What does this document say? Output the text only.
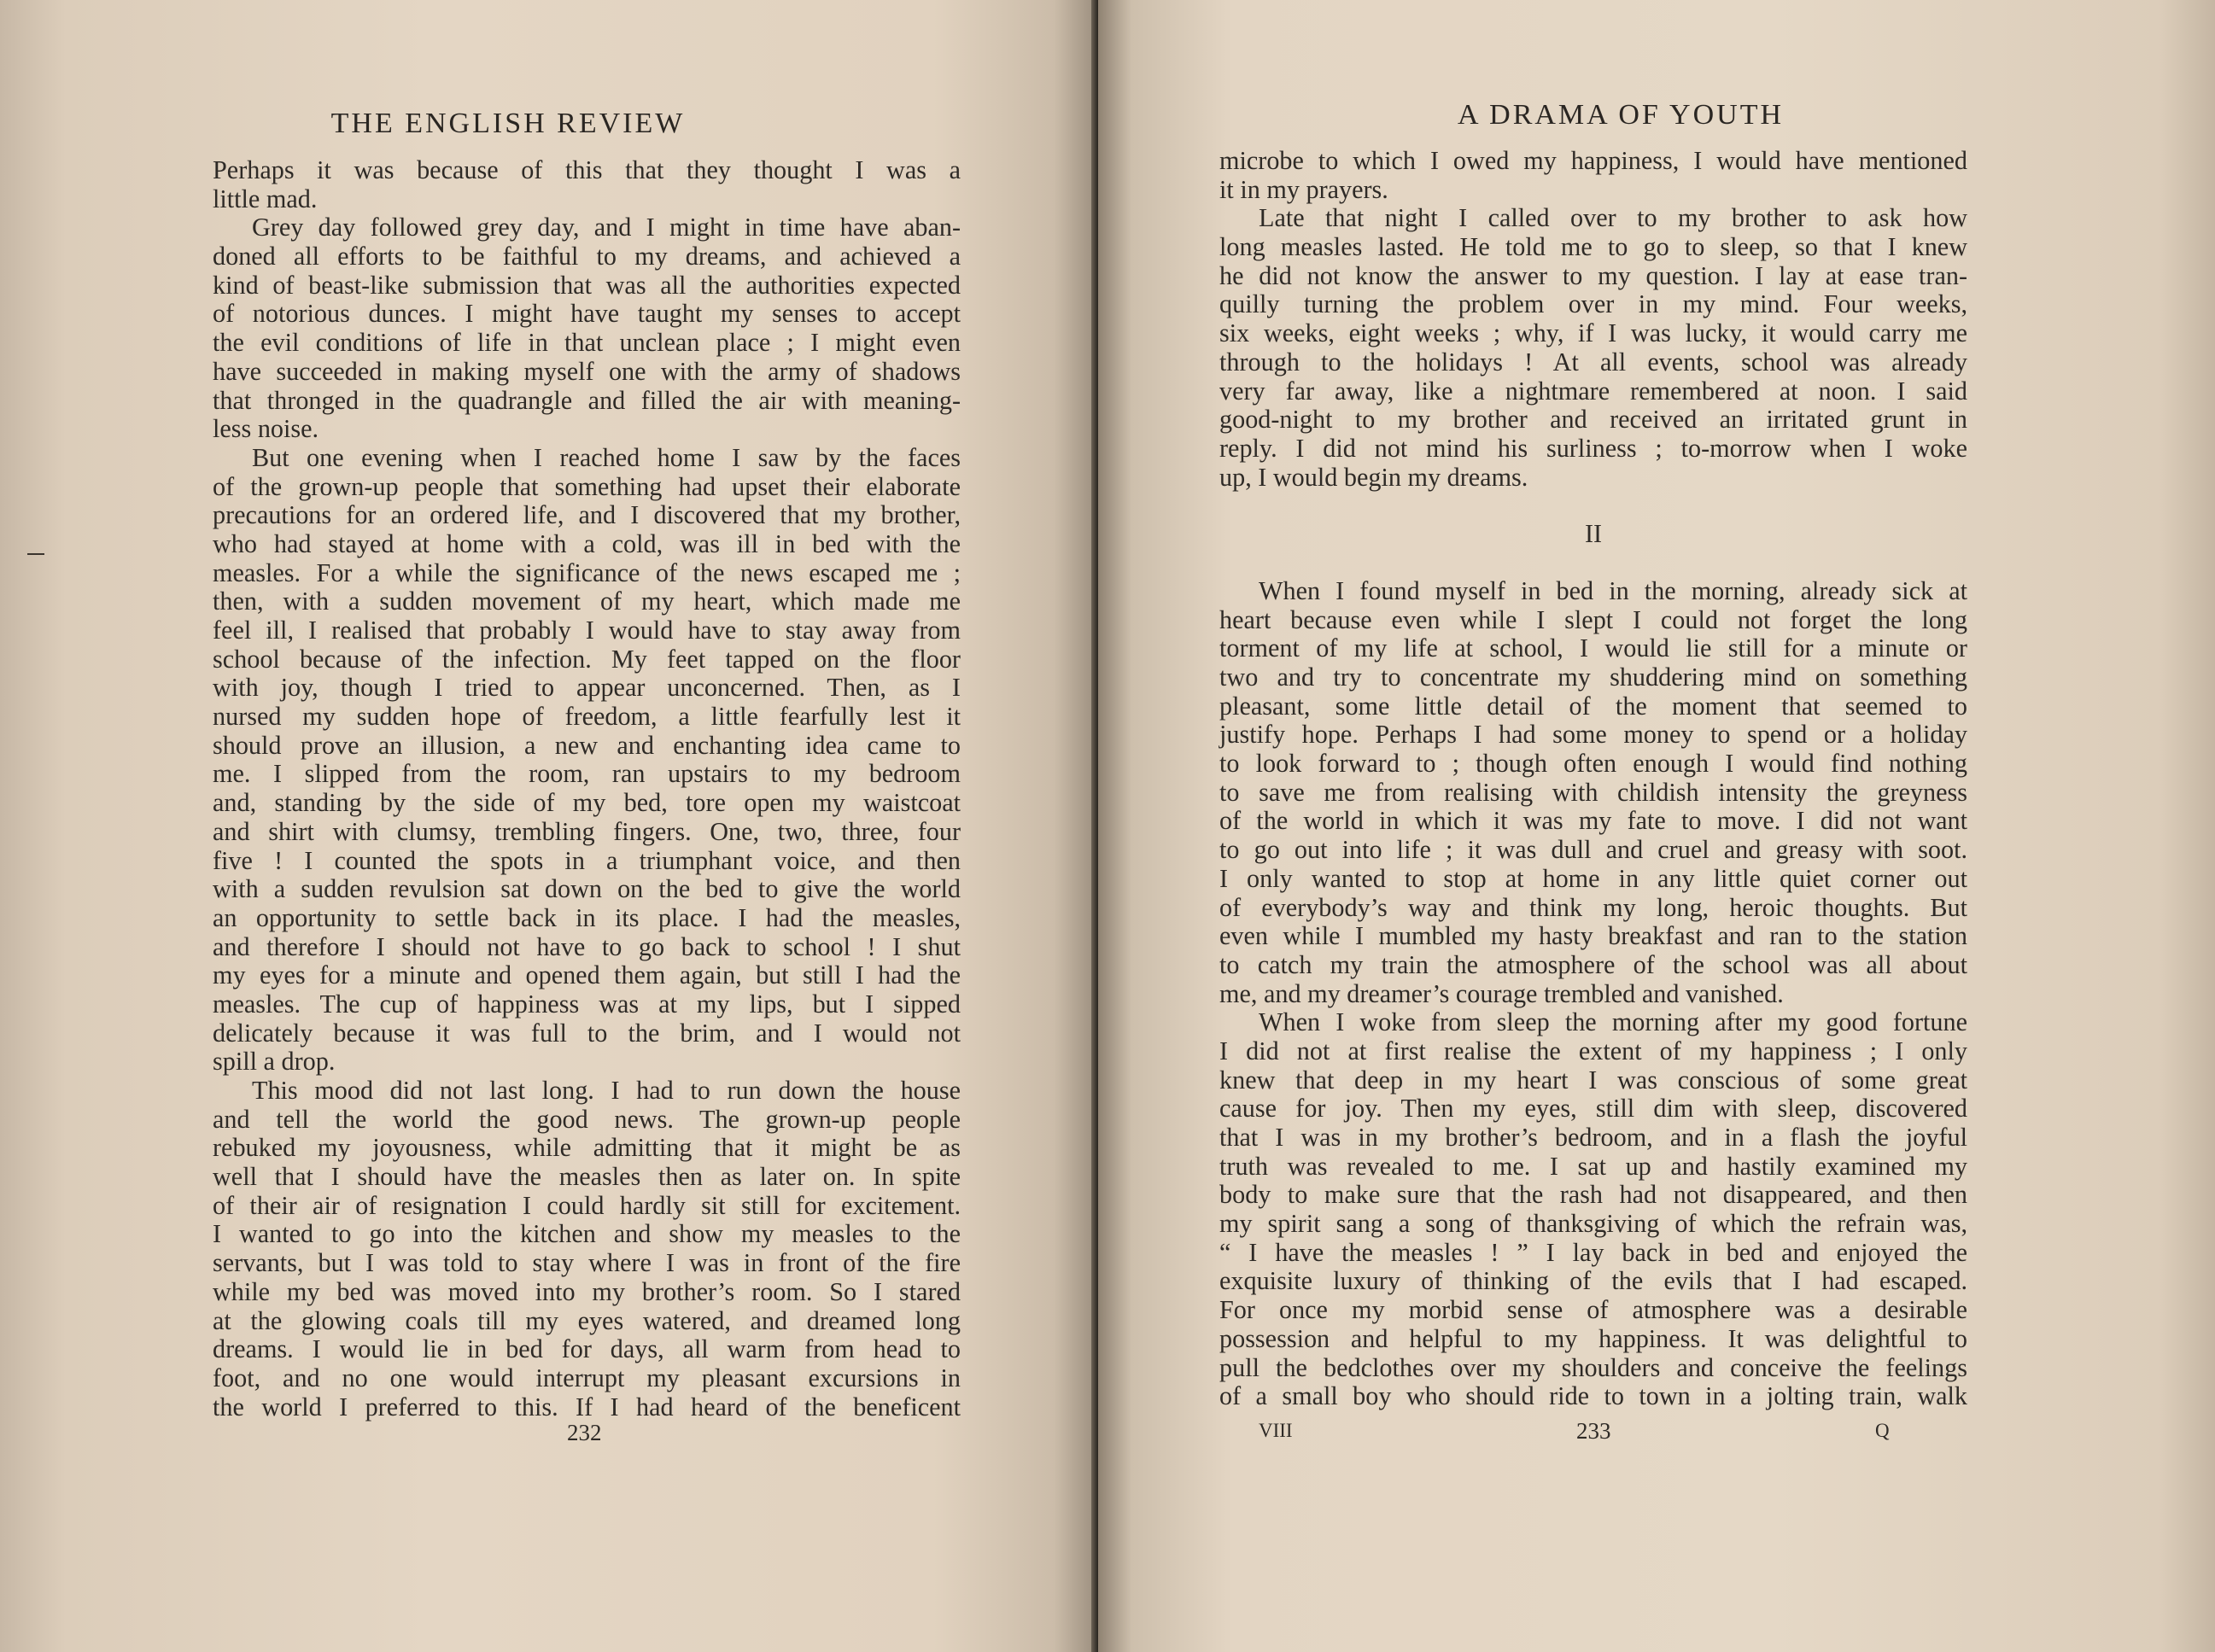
THE ENGLISH REVIEW
Perhaps it was because of this that they thought I was a
little mad.
Grey day followed grey day, and I might in time have aban-
doned all efforts to be faithful to my dreams, and achieved a
kind of beast-like submission that was all the authorities expected
of notorious dunces. I might have taught my senses to accept
the evil conditions of life in that unclean place ; I might even
have succeeded in making myself one with the army of shadows
that thronged in the quadrangle and filled the air with meaning-
less noise.
But one evening when I reached home I saw by the faces
of the grown-up people that something had upset their elaborate
precautions for an ordered life, and I discovered that my brother,
who had stayed at home with a cold, was ill in bed with the
measles. For a while the significance of the news escaped me ;
then, with a sudden movement of my heart, which made me
feel ill, I realised that probably I would have to stay away from
school because of the infection. My feet tapped on the floor
with joy, though I tried to appear unconcerned. Then, as I
nursed my sudden hope of freedom, a little fearfully lest it
should prove an illusion, a new and enchanting idea came to
me. I slipped from the room, ran upstairs to my bedroom
and, standing by the side of my bed, tore open my waistcoat
and shirt with clumsy, trembling fingers. One, two, three, four
five ! I counted the spots in a triumphant voice, and then
with a sudden revulsion sat down on the bed to give the world
an opportunity to settle back in its place. I had the measles,
and therefore I should not have to go back to school ! I shut
my eyes for a minute and opened them again, but still I had the
measles. The cup of happiness was at my lips, but I sipped
delicately because it was full to the brim, and I would not
spill a drop.
This mood did not last long. I had to run down the house
and tell the world the good news. The grown-up people
rebuked my joyousness, while admitting that it might be as
well that I should have the measles then as later on. In spite
of their air of resignation I could hardly sit still for excitement.
I wanted to go into the kitchen and show my measles to the
servants, but I was told to stay where I was in front of the fire
while my bed was moved into my brother’s room. So I stared
at the glowing coals till my eyes watered, and dreamed long
dreams. I would lie in bed for days, all warm from head to
foot, and no one would interrupt my pleasant excursions in
the world I preferred to this. If I had heard of the beneficent
232
A DRAMA OF YOUTH
microbe to which I owed my happiness, I would have mentioned
it in my prayers.
Late that night I called over to my brother to ask how
long measles lasted. He told me to go to sleep, so that I knew
he did not know the answer to my question. I lay at ease tran-
quilly turning the problem over in my mind. Four weeks,
six weeks, eight weeks ; why, if I was lucky, it would carry me
through to the holidays ! At all events, school was already
very far away, like a nightmare remembered at noon. I said
good-night to my brother and received an irritated grunt in
reply. I did not mind his surliness ; to-morrow when I woke
up, I would begin my dreams.
II
When I found myself in bed in the morning, already sick at
heart because even while I slept I could not forget the long
torment of my life at school, I would lie still for a minute or
two and try to concentrate my shuddering mind on something
pleasant, some little detail of the moment that seemed to
justify hope. Perhaps I had some money to spend or a holiday
to look forward to ; though often enough I would find nothing
to save me from realising with childish intensity the greyness
of the world in which it was my fate to move. I did not want
to go out into life ; it was dull and cruel and greasy with soot.
I only wanted to stop at home in any little quiet corner out
of everybody’s way and think my long, heroic thoughts. But
even while I mumbled my hasty breakfast and ran to the station
to catch my train the atmosphere of the school was all about
me, and my dreamer’s courage trembled and vanished.
When I woke from sleep the morning after my good fortune
I did not at first realise the extent of my happiness ; I only
knew that deep in my heart I was conscious of some great
cause for joy. Then my eyes, still dim with sleep, discovered
that I was in my brother’s bedroom, and in a flash the joyful
truth was revealed to me. I sat up and hastily examined my
body to make sure that the rash had not disappeared, and then
my spirit sang a song of thanksgiving of which the refrain was,
“ I have the measles ! ” I lay back in bed and enjoyed the
exquisite luxury of thinking of the evils that I had escaped.
For once my morbid sense of atmosphere was a desirable
possession and helpful to my happiness. It was delightful to
pull the bedclothes over my shoulders and conceive the feelings
of a small boy who should ride to town in a jolting train, walk
VIII	233	Q
